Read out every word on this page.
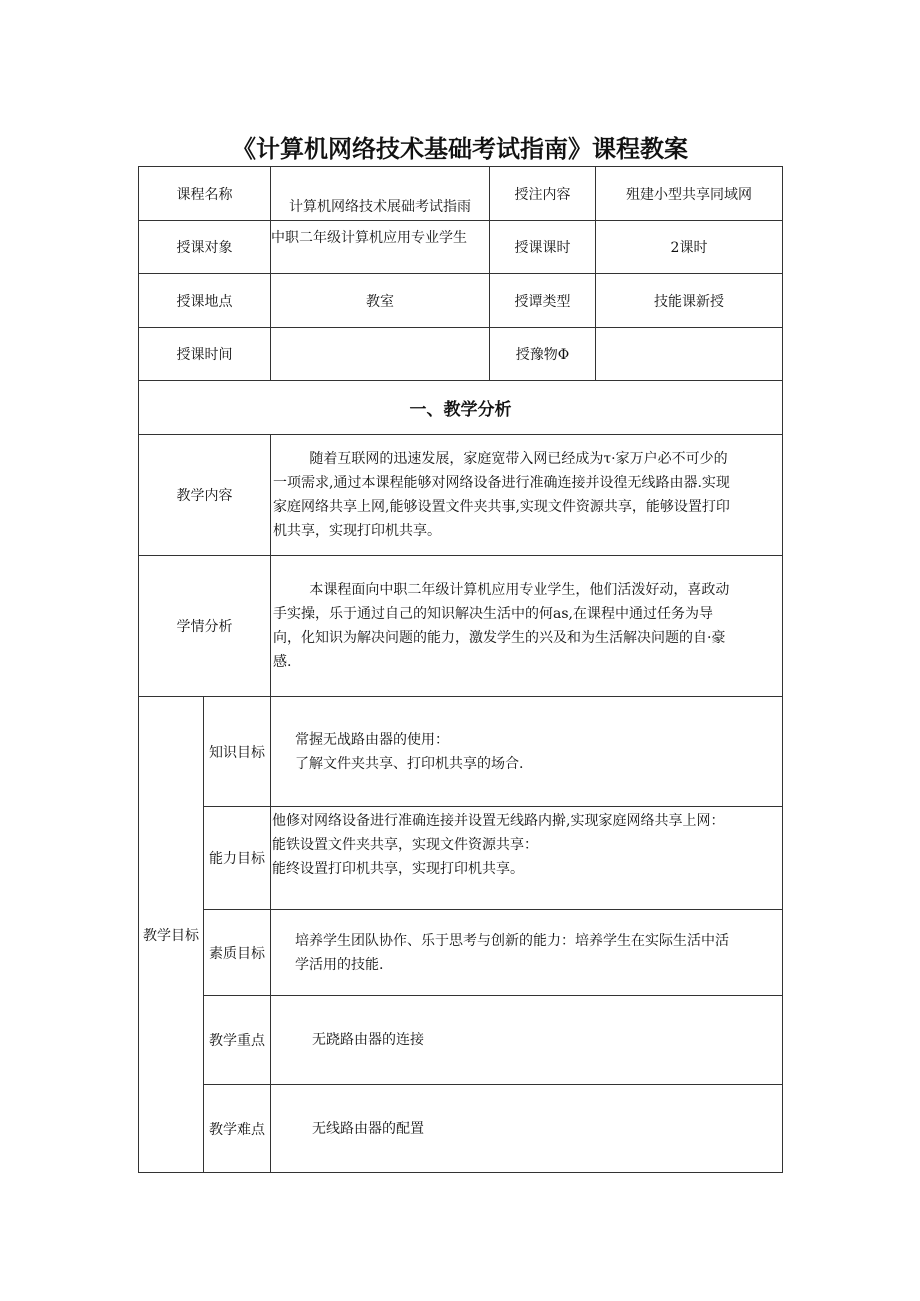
《计算机网络技术基础考试指南》课程教案
课程名称		计算机网络技术展础考试指雨	授注内容	殂建小型共享同域网
授课对象		中职二年级计算机应用专业学生	授课课时	2课时
授课地点		教室	授谭类型	技能课新授
授课时间			授豫物Φ	
一、教学分析				
教学内容		随着互联网的迅速发展，家庭宽带入网已经成为τ·家万户必不可少的

一项需求,通过本课程能够对网络设备进行准确连接并设徨无线路由器.实现

家庭网络共享上网,能够设置文件夹共事,实现文件资源共享，能够设置打印

机共享，实现打印机共享。		

学情分析		本课程面向中职二年级计算机应用专业学生，他们活泼好动，喜政动

手实操，乐于通过自己的知识解决生活中的何as,在课程中通过任务为导

向，化知识为解决问题的能力，激发学生的兴及和为生活解决问题的自·豪

感.		

教学目标	知识目标	常握无战路由器的使用：
了解文件夹共享、打印机共享的场合.		

	能力目标	他修对网络设备进行准确连接并设置无线路内擀,实现家庭网络共享上网：
能铁设置文件夹共享，实现文件资源共享：
能终设置打印机共享，实现打印机共享。		

	素质目标	培养学生团队协作、乐于思考与创新的能力：培养学生在实际生活中活
学活用的技能.		

	教学重点	无跷路由器的连接		
	教学难点	无线路由器的配置		
